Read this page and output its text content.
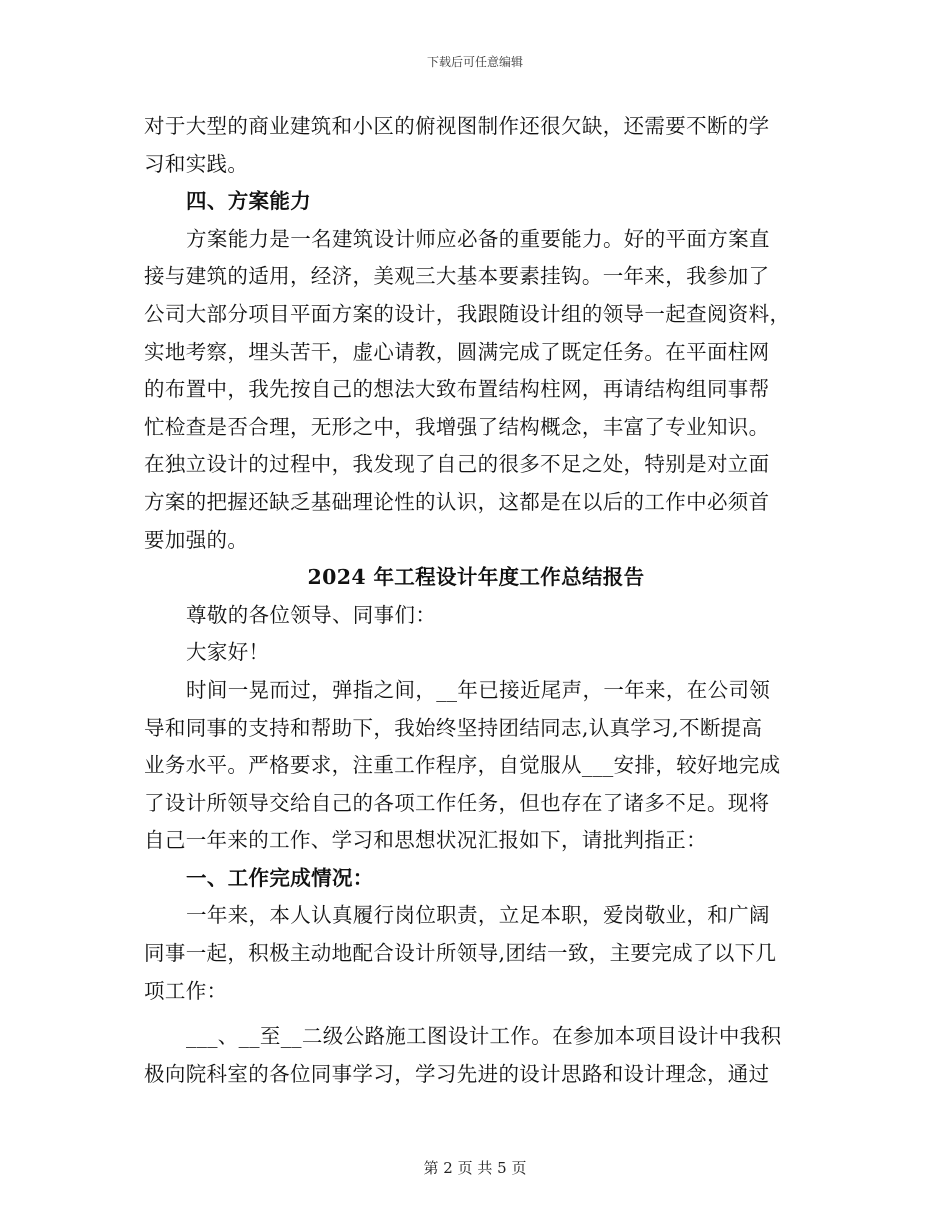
下载后可任意编辑
对于大型的商业建筑和小区的俯视图制作还很欠缺，还需要不断的学
习和实践。
四、方案能力
方案能力是一名建筑设计师应必备的重要能力。好的平面方案直
接与建筑的适用，经济，美观三大基本要素挂钩。一年来，我参加了
公司大部分项目平面方案的设计，我跟随设计组的领导一起查阅资料，
实地考察，埋头苦干，虚心请教，圆满完成了既定任务。在平面柱网
的布置中，我先按自己的想法大致布置结构柱网，再请结构组同事帮
忙检查是否合理，无形之中，我增强了结构概念，丰富了专业知识。
在独立设计的过程中，我发现了自己的很多不足之处，特别是对立面
方案的把握还缺乏基础理论性的认识，这都是在以后的工作中必须首
要加强的。
2024 年工程设计年度工作总结报告
尊敬的各位领导、同事们：
大家好！
时间一晃而过，弹指之间，__年已接近尾声，一年来，在公司领
导和同事的支持和帮助下，我始终坚持团结同志,认真学习,不断提高
业务水平。严格要求，注重工作程序，自觉服从___安排，较好地完成
了设计所领导交给自己的各项工作任务，但也存在了诸多不足。现将
自己一年来的工作、学习和思想状况汇报如下，请批判指正：
一、工作完成情况：
一年来，本人认真履行岗位职责，立足本职，爱岗敬业，和广阔
同事一起，积极主动地配合设计所领导,团结一致，主要完成了以下几
项工作：
___、__至__二级公路施工图设计工作。在参加本项目设计中我积
极向院科室的各位同事学习，学习先进的设计思路和设计理念，通过
第 2 页 共 5 页
